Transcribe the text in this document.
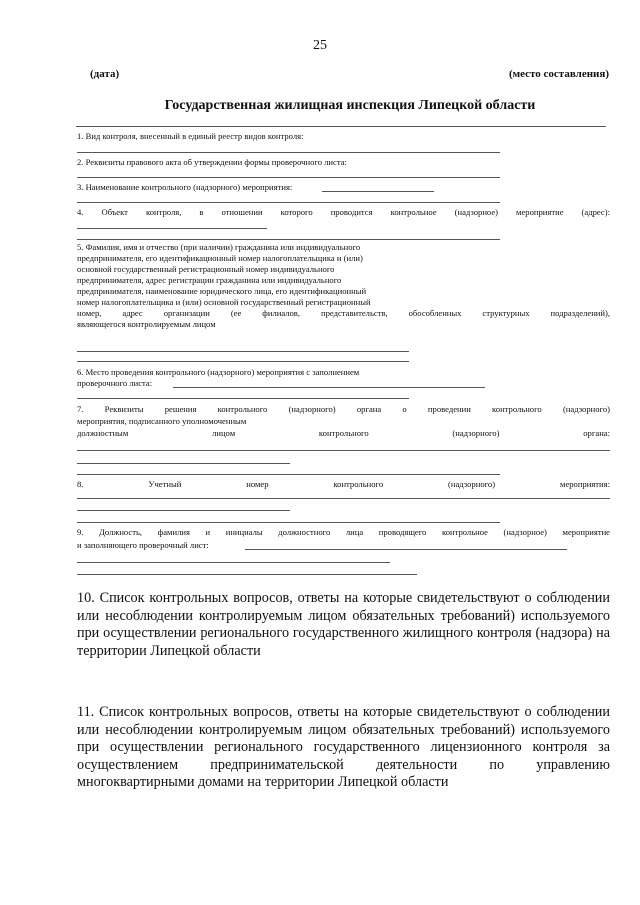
25
(дата)	(место составления)
Государственная жилищная инспекция Липецкой области
1. Вид контроля, внесенный в единый реестр видов контроля:
2. Реквизиты правового акта об утверждении формы проверочного листа:
3. Наименование контрольного (надзорного) мероприятия:
4. Объект контроля, в отношении которого проводится контрольное (надзорное) мероприятие (адрес):
5. Фамилия, имя и отчество (при наличии) гражданина или индивидуального
предпринимателя, его идентификационный номер налогоплательщика и (или)
основной государственный регистрационный номер индивидуального
предпринимателя, адрес регистрации гражданина или индивидуального
предпринимателя, наименование юридического лица, его идентификационный
номер налогоплательщика и (или) основной государственный регистрационный
номер, адрес организации (ее филиалов, представительств, обособленных структурных подразделений),
являющегося контролируемым лицом
6. Место проведения контрольного (надзорного) мероприятия с заполнением
проверочного листа:
7. Реквизиты решения контрольного (надзорного) органа о проведении контрольного (надзорного)
мероприятия, подписанного уполномоченным
должностным лицом контрольного (надзорного) органа:
8. Учетный номер контрольного (надзорного) мероприятия:
9. Должность, фамилия и инициалы должностного лица проводящего контрольное (надзорное) мероприятие
и заполняющего проверочный лист:
10. Список контрольных вопросов, ответы на которые свидетельствуют о соблюдении или несоблюдении контролируемым лицом обязательных требований) используемого при осуществлении регионального государственного жилищного контроля (надзора) на территории Липецкой области
11. Список контрольных вопросов, ответы на которые свидетельствуют о соблюдении или несоблюдении контролируемым лицом обязательных требований) используемого при осуществлении регионального государственного лицензионного контроля за осуществлением предпринимательской деятельности по управлению многоквартирными домами на территории Липецкой области
